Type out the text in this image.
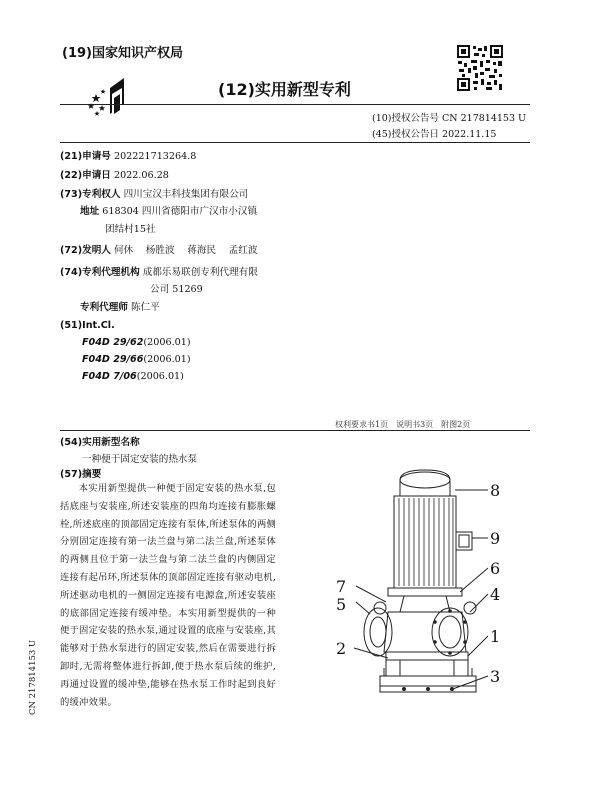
(19)国家知识产权局
(12)实用新型专利
(10)授权公告号 CN 217814153 U
(45)授权公告日 2022.11.15
(21)申请号 202221713264.8
(22)申请日 2022.06.28
(73)专利权人 四川宝汉丰科技集团有限公司
地址 618304 四川省德阳市广汉市小汉镇
团结村15社
(72)发明人 何休　 杨胜波　 蒋海民　 孟红波
(74)专利代理机构 成都乐易联创专利代理有限
公司 51269
专利代理师 陈仁平
(51)Int.Cl.
F04D 29/62(2006.01)
F04D 29/66(2006.01)
F04D 7/06(2006.01)
权利要求书1页　说明书3页　附图2页
(54)实用新型名称
一种便于固定安装的热水泵
(57)摘要
本实用新型提供一种便于固定安装的热水泵,包括底座与安装座,所述安装座的四角均连接有膨胀螺栓,所述底座的顶部固定连接有泵体,所述泵体的两侧分别固定连接有第一法兰盘与第二法兰盘,所述泵体的两侧且位于第一法兰盘与第二法兰盘的内侧固定连接有起吊环,所述泵体的顶部固定连接有驱动电机,所述驱动电机的一侧固定连接有电源盒,所述安装座的底部固定连接有缓冲垫。本实用新型提供的一种便于固定安装的热水泵,通过设置的底座与安装座,其能够对于热水泵进行的固定安装,然后在需要进行拆卸时,无需将整体进行拆卸,便于热水泵后续的维护,再通过设置的缓冲垫,能够在热水泵工作时起到良好的缓冲效果。
CN 217814153 U
8
9
6
7
5
4
1
2
3
